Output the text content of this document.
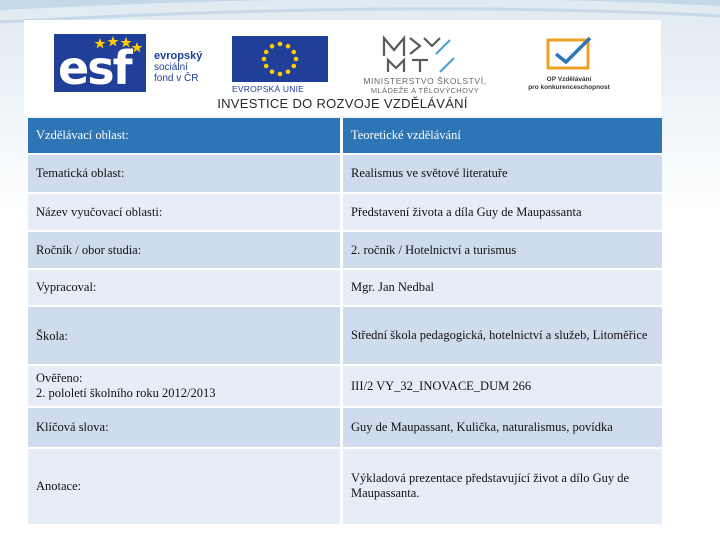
esf	evropský
sociální
fond v ČR
EVROPSKÁ UNIE
MINISTERSTVO ŠKOLSTVÍ,
MLÁDEŽE A TĚLOVÝCHOVY
OP Vzdělávání
pro konkurenceschopnost
INVESTICE DO ROZVOJE VZDĚLÁVÁNÍ
Vzdělávací oblast:	Teoretické vzdělávání
Tematická oblast:	Realismus ve světové literatuře
Název vyučovací oblasti:	Představení života a díla Guy de Maupassanta
Ročník / obor studia:	2. ročník / Hotelnictví a turismus
Vypracoval:	Mgr. Jan Nedbal
Škola:	Střední škola pedagogická, hotelnictví a služeb, Litoměřice

Ověřeno:
2. pololetí školního roku 2012/2013	III/2 VY_32_INOVACE_DUM 266
Klíčová slova:	Guy de Maupassant, Kulička, naturalismus, povídka
Anotace:	Výkladová prezentace představující život a dílo Guy de Maupassanta.
